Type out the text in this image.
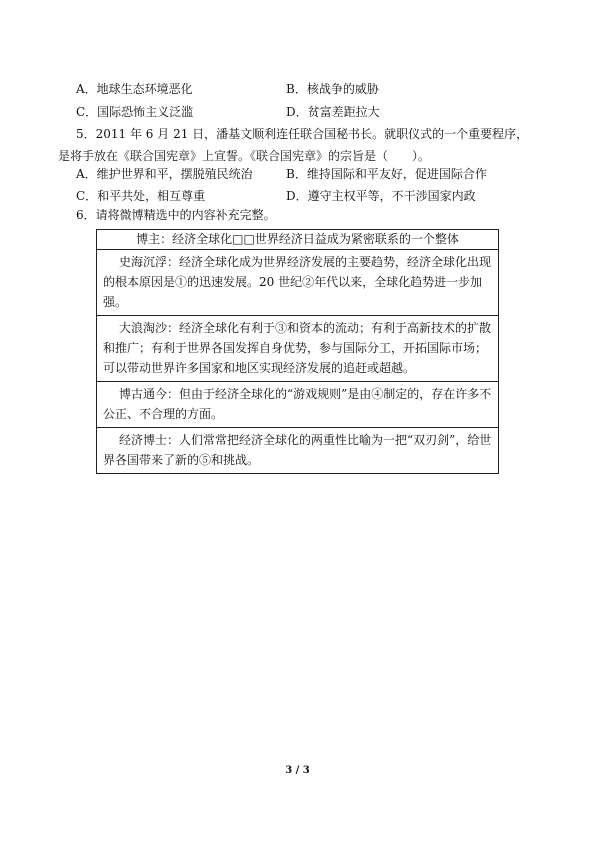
A．地球生态环境恶化	B．核战争的威胁
C．国际恐怖主义泛滥	D．贫富差距拉大
5．2011 年 6 月 21 日，潘基文顺利连任联合国秘书长。就职仪式的一个重要程序，是将手放在《联合国宪章》上宣誓。《联合国宪章》的宗旨是（　　）。
A．维护世界和平，摆脱殖民统治	B．维持国际和平友好，促进国际合作
C．和平共处，相互尊重	D．遵守主权平等，不干涉国家内政
6．请将微博精选中的内容补充完整。
博主：经济全球化□□世界经济日益成为紧密联系的一个整体
史海沉浮：经济全球化成为世界经济发展的主要趋势，经济全球化出现的根本原因是①的迅速发展。20 世纪②年代以来，全球化趋势进一步加强。
大浪淘沙：经济全球化有利于③和资本的流动；有利于高新技术的扩散和推广；有利于世界各国发挥自身优势，参与国际分工，开拓国际市场；可以带动世界许多国家和地区实现经济发展的追赶或超越。
博古通今：但由于经济全球化的“游戏规则”是由④制定的，存在许多不公正、不合理的方面。
经济博士：人们常常把经济全球化的两重性比喻为一把“双刃剑”，给世界各国带来了新的⑤和挑战。
3 / 3
